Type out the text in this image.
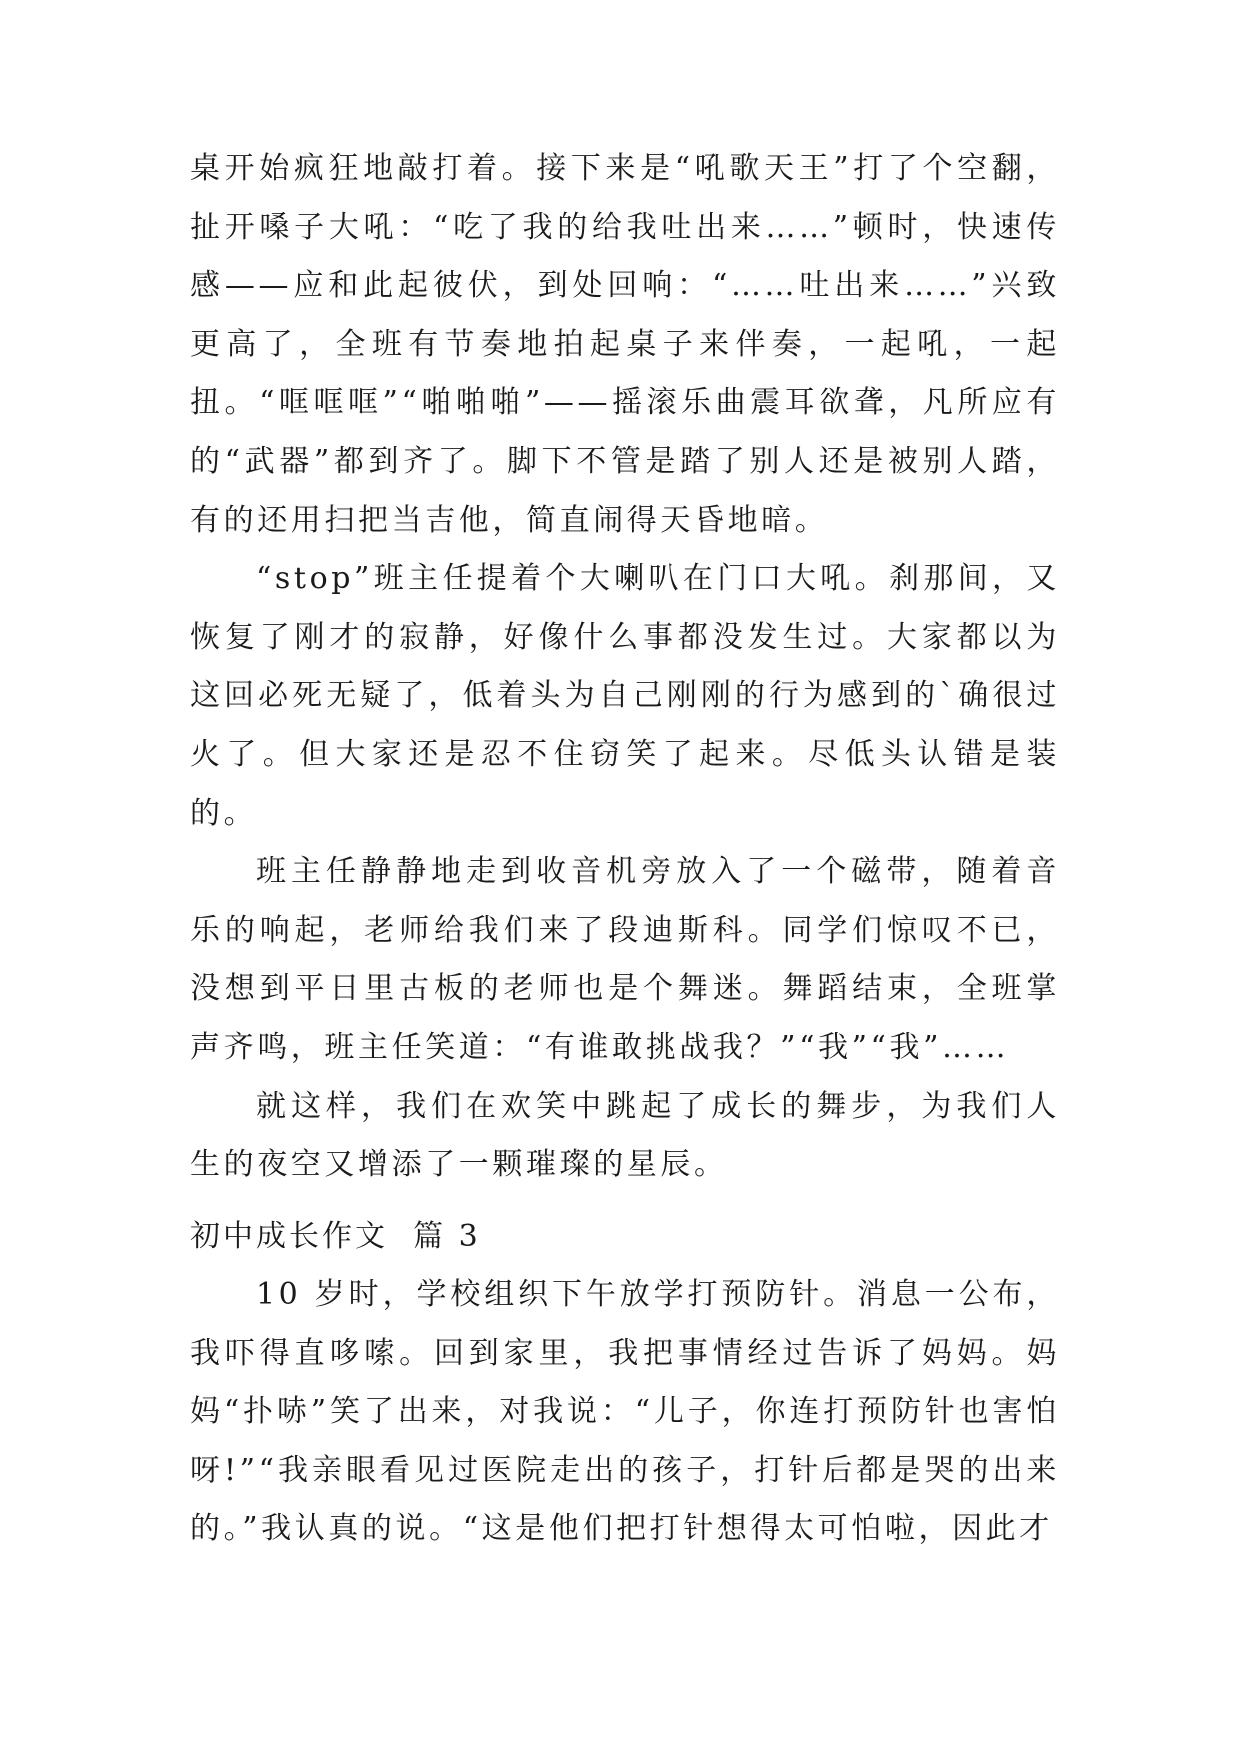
桌开始疯狂地敲打着。接下来是“吼歌天王”打了个空翻，扯开嗓子大吼：“吃了我的给我吐出来……”顿时，快速传感——应和此起彼伏，到处回响：“……吐出来……”兴致更高了，全班有节奏地拍起桌子来伴奏，一起吼，一起扭。“哐哐哐”“啪啪啪”——摇滚乐曲震耳欲聋，凡所应有的“武器”都到齐了。脚下不管是踏了别人还是被别人踏，有的还用扫把当吉他，简直闹得天昏地暗。

“stop”班主任提着个大喇叭在门口大吼。刹那间，又恢复了刚才的寂静，好像什么事都没发生过。大家都以为这回必死无疑了，低着头为自己刚刚的行为感到的`确很过火了。但大家还是忍不住窃笑了起来。尽低头认错是装的。

班主任静静地走到收音机旁放入了一个磁带，随着音乐的响起，老师给我们来了段迪斯科。同学们惊叹不已，没想到平日里古板的老师也是个舞迷。舞蹈结束，全班掌声齐鸣，班主任笑道：“有谁敢挑战我？”“我”“我”……

就这样，我们在欢笑中跳起了成长的舞步，为我们人生的夜空又增添了一颗璀璨的星辰。

初中成长作文  篇 3

10 岁时，学校组织下午放学打预防针。消息一公布，我吓得直哆嗦。回到家里，我把事情经过告诉了妈妈。妈妈“扑哧”笑了出来，对我说：“儿子，你连打预防针也害怕呀!”“我亲眼看见过医院走出的孩子，打针后都是哭的出来的。”我认真的说。“这是他们把打针想得太可怕啦，因此才
